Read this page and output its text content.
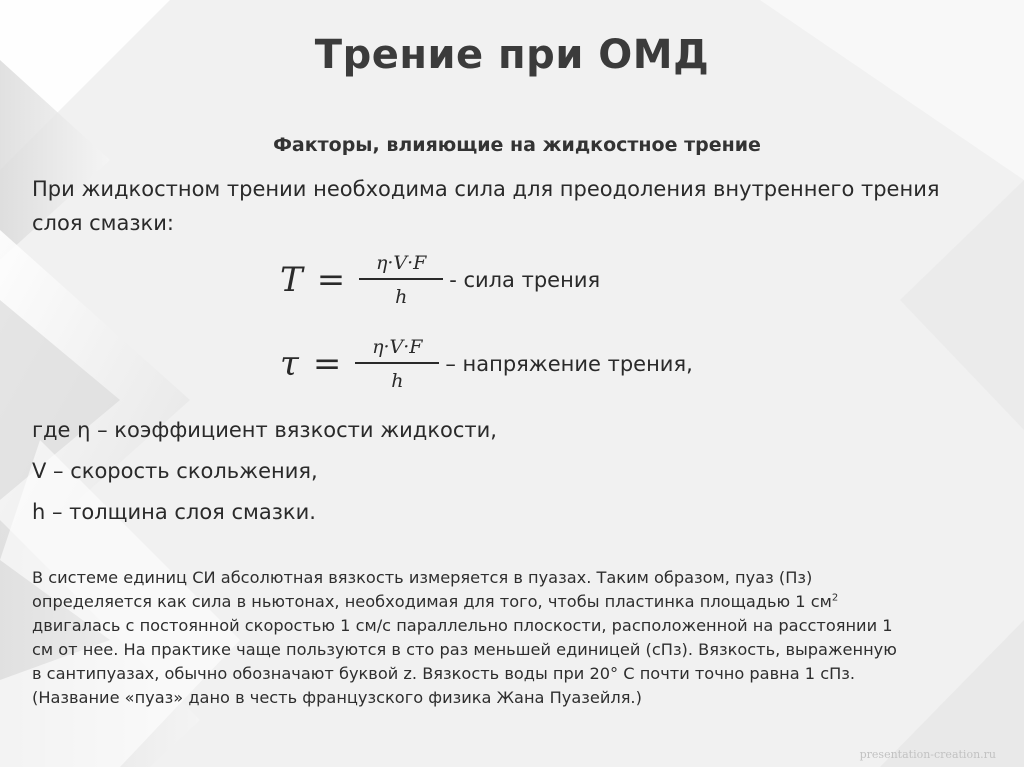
Трение при ОМД
Факторы, влияющие на жидкостное трение
При жидкостном трении необходима сила для преодоления внутреннего трения слоя смазки:
$T = \frac{\eta\cdot V\cdot F}{h}$ - сила трения
$\tau = \frac{\eta\cdot V\cdot F}{h}$ – напряжение трения,
где η – коэффициент вязкости жидкости,
V – скорость скольжения,
h – толщина слоя смазки.
В системе единиц СИ абсолютная вязкость измеряется в пуазах. Таким образом, пуаз (Пз)
определяется как сила в ньютонах, необходимая для того, чтобы пластинка площадью 1 $см^2$
двигалась с постоянной скоростью 1 см/с параллельно плоскости, расположенной на расстоянии 1
см от нее. На практике чаще пользуются в сто раз меньшей единицей (сПз). Вязкость, выраженную
в сантипуазах, обычно обозначают буквой z. Вязкость воды при 20° С почти точно равна 1 сПз.
(Название «пуаз» дано в честь французского физика Жана Пуазейля.)
presentation-creation.ru
